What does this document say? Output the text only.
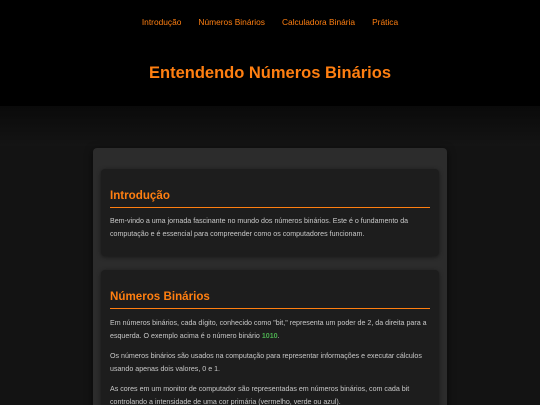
Introdução Números Binários Calculadora Binária Prática
Entendendo Números Binários
Introdução

Bem-vindo a uma jornada fascinante no mundo dos números binários. Este é o fundamento da computação e é essencial para compreender como os computadores funcionam.

Números Binários

Em números binários, cada dígito, conhecido como "bit," representa um poder de 2, da direita para a esquerda. O exemplo acima é o número binário 1010.

Os números binários são usados na computação para representar informações e executar cálculos usando apenas dois valores, 0 e 1.

As cores em um monitor de computador são representadas em números binários, com cada bit controlando a intensidade de uma cor primária (vermelho, verde ou azul).
